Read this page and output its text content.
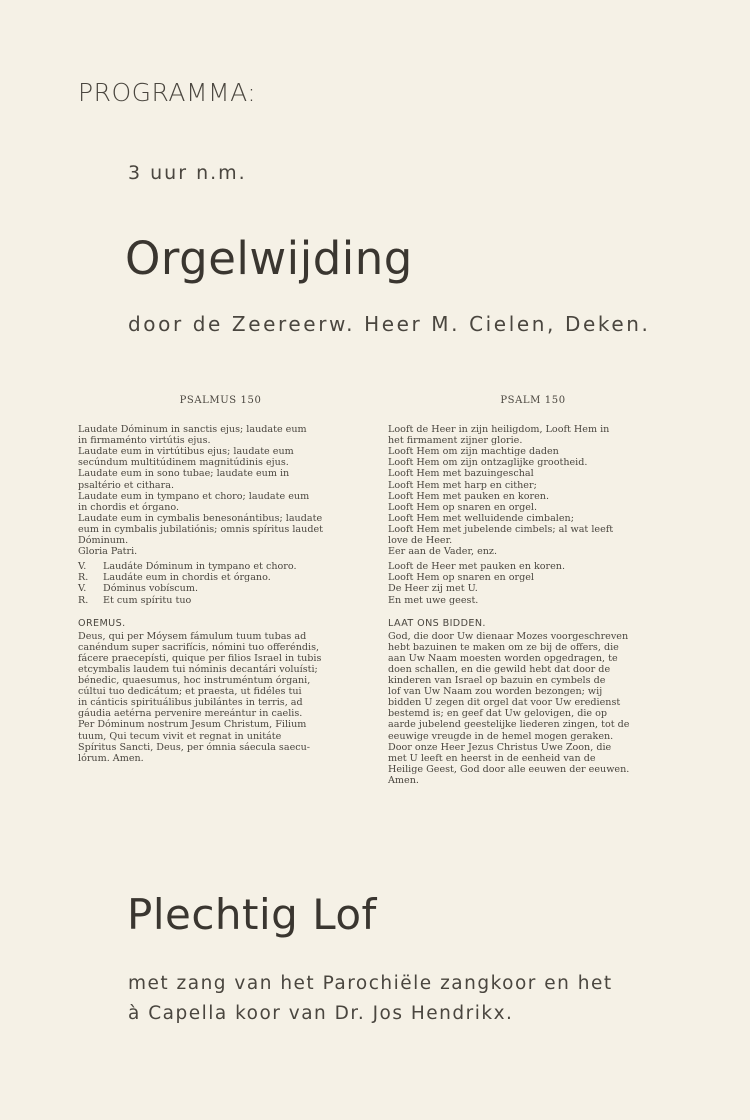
PROGRAMMA:
3 uur n.m.
Orgelwijding
door de Zeereerw. Heer M. Cielen, Deken.
PSALMUS 150
Laudate Dóminum in sanctis ejus; laudate eum
in firmaménto virtútis ejus.
Laudate eum in virtútibus ejus; laudate eum
secúndum multitúdinem magnitúdinis ejus.
Laudate eum in sono tubae; laudate eum in
psaltério et cithara.
Laudate eum in tympano et choro; laudate eum
in chordis et órgano.
Laudate eum in cymbalis benesonántibus; laudate
eum in cymbalis jubilatiónis; omnis spíritus laudet
Dóminum.
Gloria Patri.
V. Laudáte Dóminum in tympano et choro.
R. Laudáte eum in chordis et órgano.
V. Dóminus vobíscum.
R. Et cum spíritu tuo
OREMUS.
Deus, qui per Móysem fámulum tuum tubas ad
canéndum super sacrifícis, nómini tuo offeréndis,
fácere praecepísti, quique per filios Israel in tubis
etcymbalis laudem tui nóminis decantári voluísti;
bénedic, quaesumus, hoc instruméntum órgani,
cúltui tuo dedicátum; et praesta, ut fidéles tui
in cánticis spirituálibus jubilántes in terris, ad
gáudia aetérna pervenire mereántur in caelis.
Per Dóminum nostrum Jesum Christum, Filium
tuum, Qui tecum vivit et regnat in unitáte
Spíritus Sancti, Deus, per ómnia sáecula saecu-
lórum. Amen.
PSALM 150
Looft de Heer in zijn heiligdom, Looft Hem in
het firmament zijner glorie.
Looft Hem om zijn machtige daden
Looft Hem om zijn ontzaglijke grootheid.
Looft Hem met bazuingeschal
Looft Hem met harp en cither;
Looft Hem met pauken en koren.
Looft Hem op snaren en orgel.
Looft Hem met welluidende cimbalen;
Looft Hem met jubelende cimbels; al wat leeft
love de Heer.
Eer aan de Vader, enz.
Looft de Heer met pauken en koren.
Looft Hem op snaren en orgel
De Heer zij met U.
En met uwe geest.
LAAT ONS BIDDEN.
God, die door Uw dienaar Mozes voorgeschreven
hebt bazuinen te maken om ze bij de offers, die
aan Uw Naam moesten worden opgedragen, te
doen schallen, en die gewild hebt dat door de
kinderen van Israel op bazuin en cymbels de
lof van Uw Naam zou worden bezongen; wij
bidden U zegen dit orgel dat voor Uw eredienst
bestemd is; en geef dat Uw gelovigen, die op
aarde jubelend geestelijke liederen zingen, tot de
eeuwige vreugde in de hemel mogen geraken.
Door onze Heer Jezus Christus Uwe Zoon, die
met U leeft en heerst in de eenheid van de
Heilige Geest, God door alle eeuwen der eeuwen.
Amen.
Plechtig Lof
met zang van het Parochiële zangkoor en het
à Capella koor van Dr. Jos Hendrikx.
